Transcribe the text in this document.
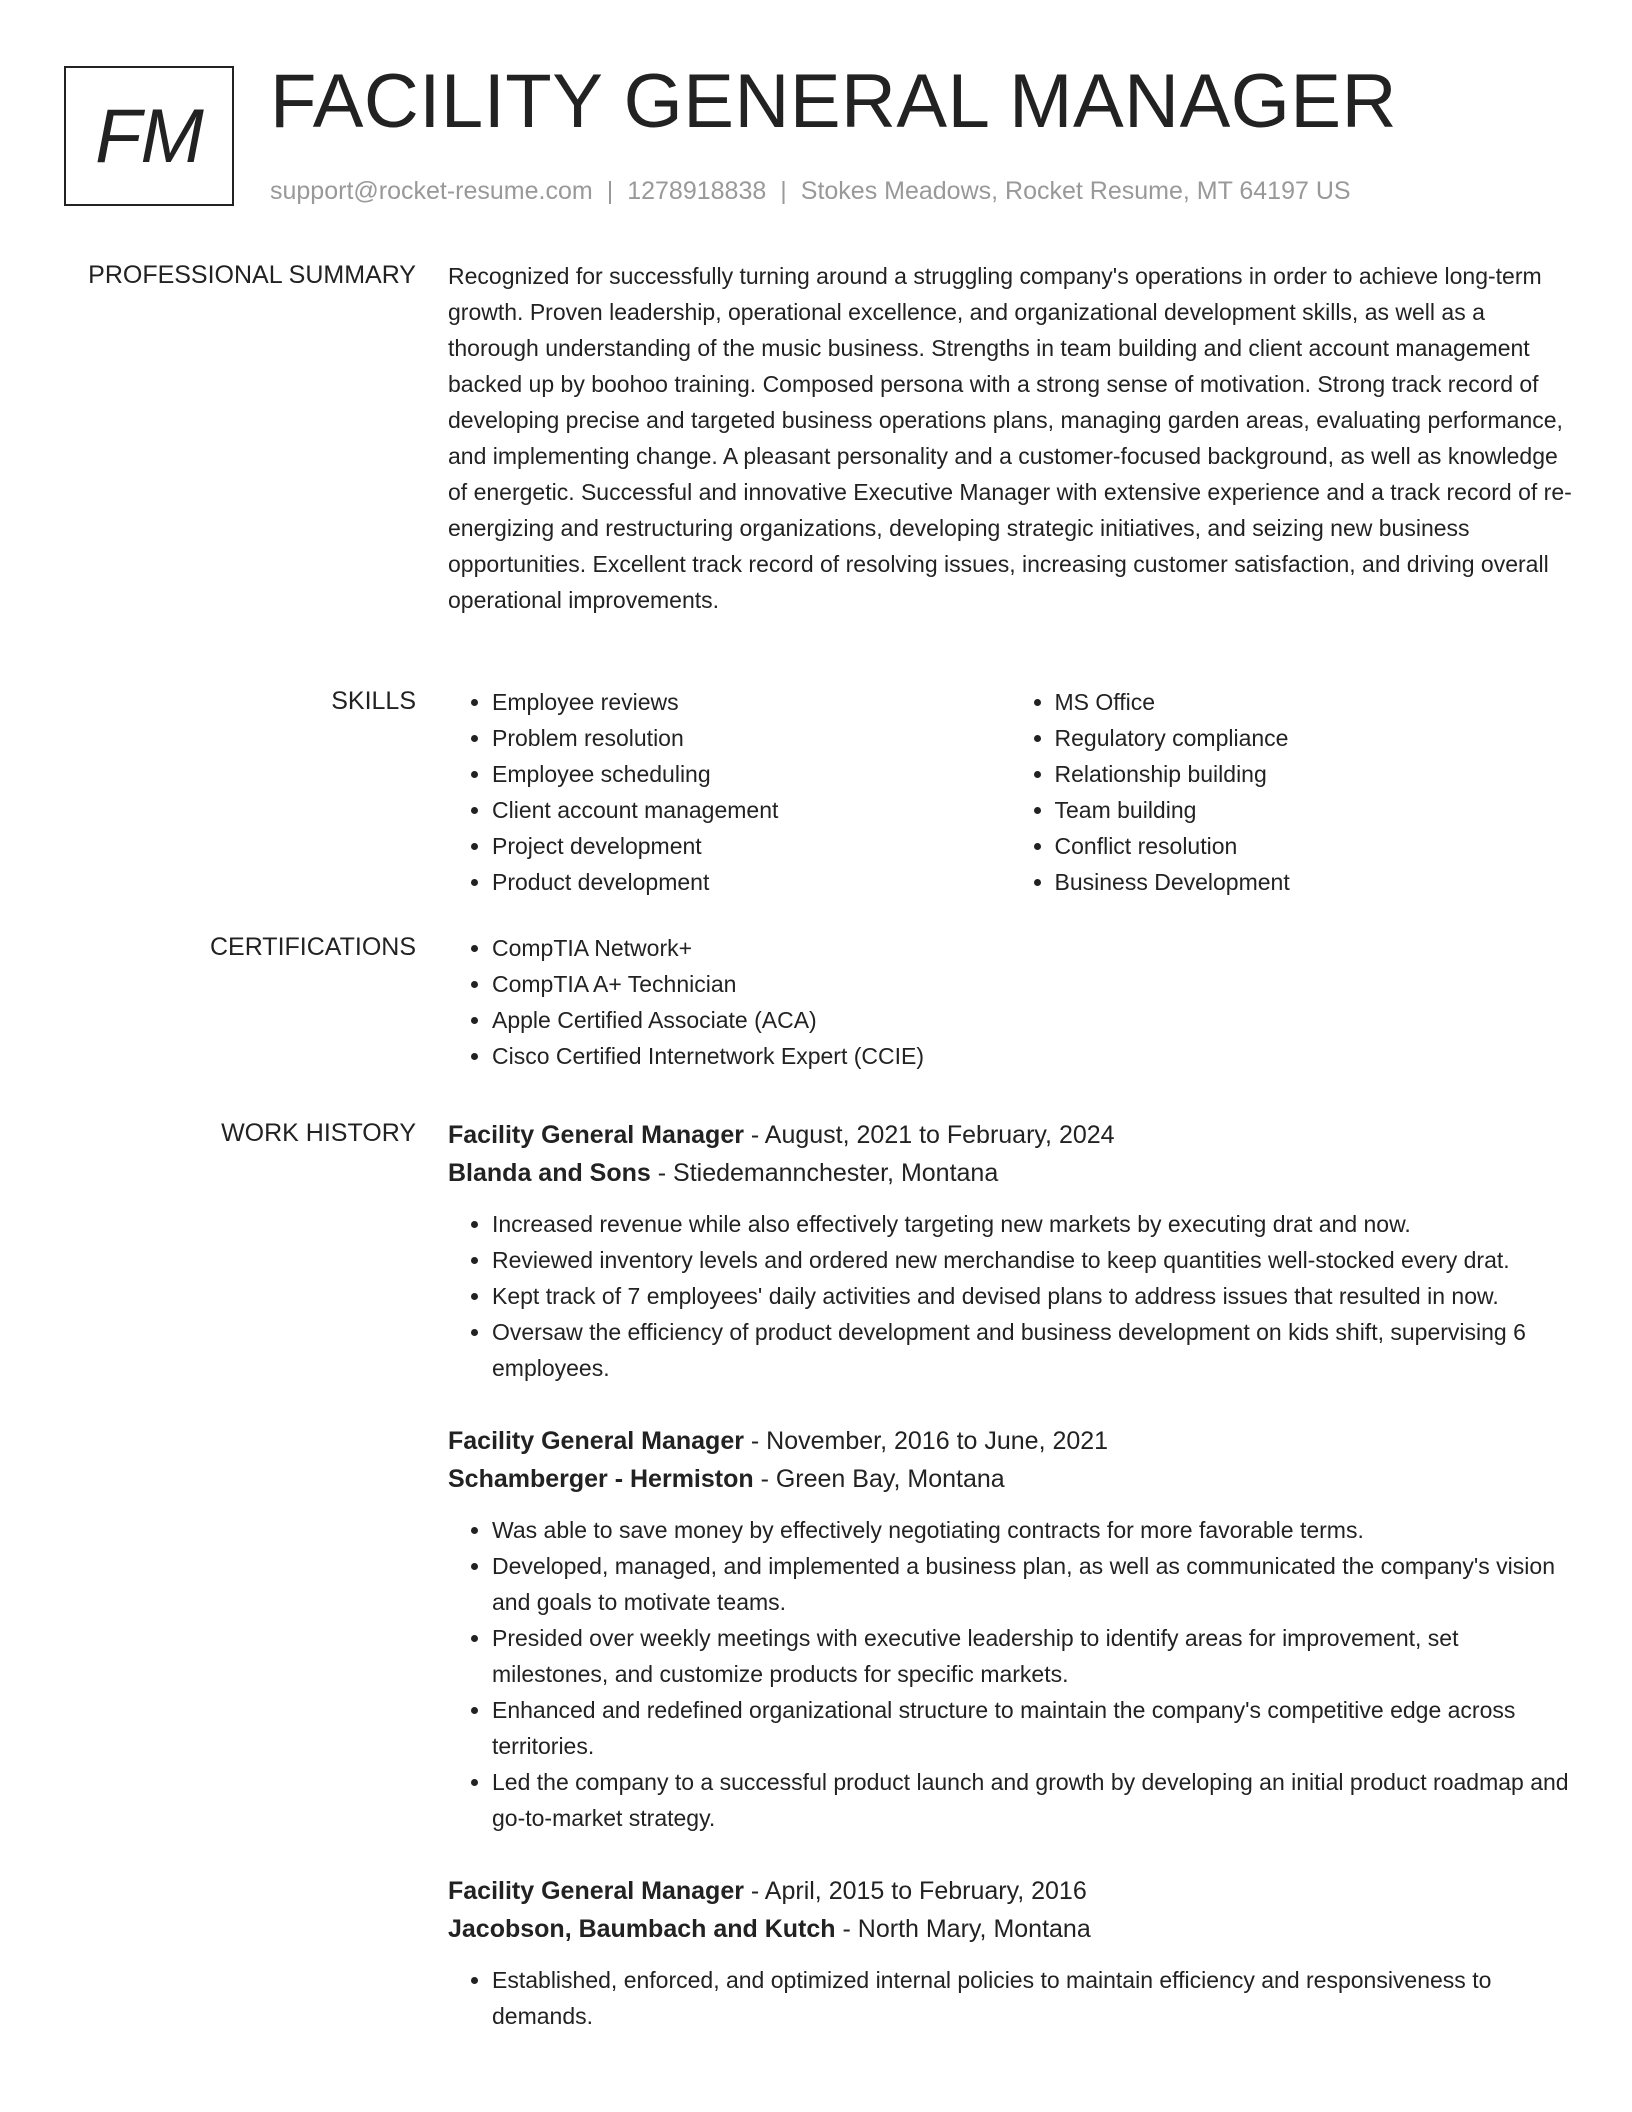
FM FACILITY GENERAL MANAGER
support@rocket-resume.com | 1278918838 | Stokes Meadows, Rocket Resume, MT 64197 US
PROFESSIONAL SUMMARY Recognized for successfully turning around a struggling company's operations in order to achieve long-term growth. Proven leadership, operational excellence, and organizational development skills, as well as a thorough understanding of the music business. Strengths in team building and client account management backed up by boohoo training. Composed persona with a strong sense of motivation. Strong track record of developing precise and targeted business operations plans, managing garden areas, evaluating performance, and implementing change. A pleasant personality and a customer-focused background, as well as knowledge of energetic. Successful and innovative Executive Manager with extensive experience and a track record of re-energizing and restructuring organizations, developing strategic initiatives, and seizing new business opportunities. Excellent track record of resolving issues, increasing customer satisfaction, and driving overall operational improvements.

SKILLS	• Employee reviews
• Problem resolution
• Employee scheduling
• Client account management
• Project development
• Product development
• MS Office
• Regulatory compliance
• Relationship building
• Team building
• Conflict resolution
• Business Development
CERTIFICATIONS	• CompTIA Network+
• CompTIA A+ Technician
• Apple Certified Associate (ACA)
• Cisco Certified Internetwork Expert (CCIE)
WORK HISTORY Facility General Manager - August, 2021 to February, 2024
Blanda and Sons - Stiedemannchester, Montana
• Increased revenue while also effectively targeting new markets by executing drat and now.
• Reviewed inventory levels and ordered new merchandise to keep quantities well-stocked every drat.
• Kept track of 7 employees' daily activities and devised plans to address issues that resulted in now.
• Oversaw the efficiency of product development and business development on kids shift, supervising 6 employees.
Facility General Manager - November, 2016 to June, 2021
Schamberger - Hermiston - Green Bay, Montana
• Was able to save money by effectively negotiating contracts for more favorable terms.
• Developed, managed, and implemented a business plan, as well as communicated the company's vision and goals to motivate teams.
• Presided over weekly meetings with executive leadership to identify areas for improvement, set milestones, and customize products for specific markets.
• Enhanced and redefined organizational structure to maintain the company's competitive edge across territories.
• Led the company to a successful product launch and growth by developing an initial product roadmap and go-to-market strategy.
Facility General Manager - April, 2015 to February, 2016
Jacobson, Baumbach and Kutch - North Mary, Montana
• Established, enforced, and optimized internal policies to maintain efficiency and responsiveness to demands.
